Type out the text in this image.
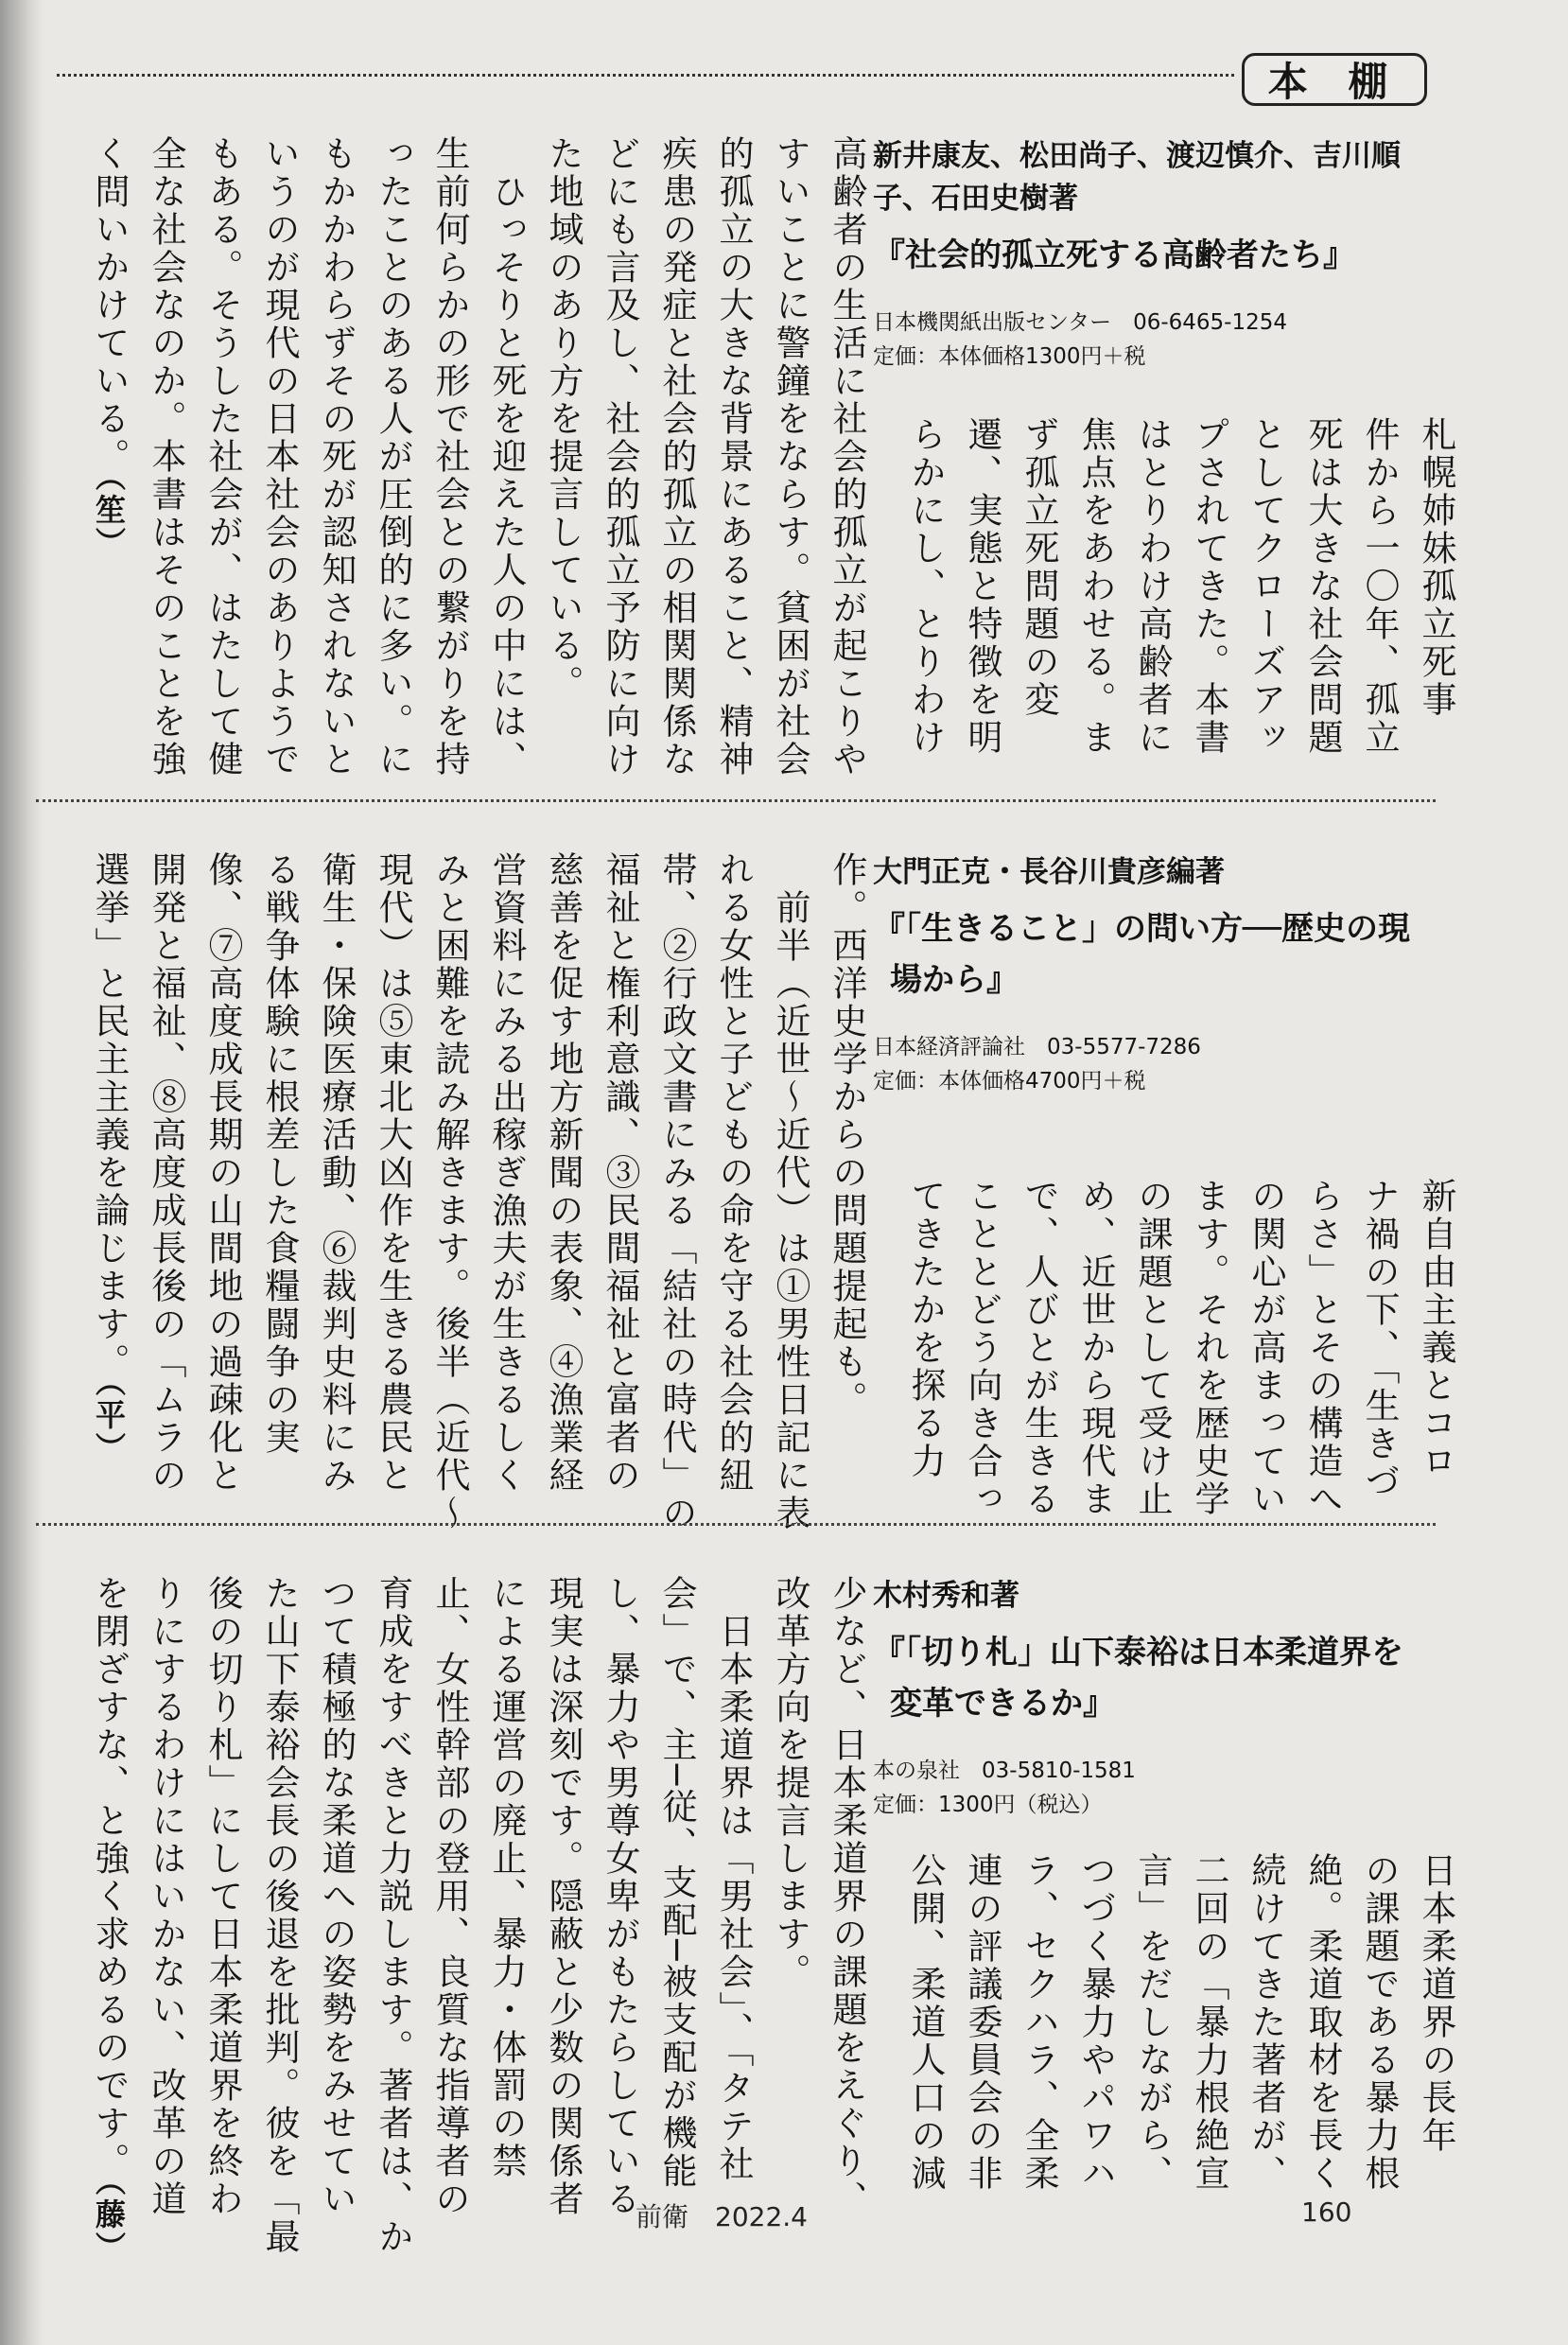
本 棚
新井康友、松田尚子、渡辺慎介、吉川順子、石田史樹著
『社会的孤立死する高齢者たち』
日本機関紙出版センター　06-6465-1254
定価：本体価格1300円＋税
札幌姉妹孤立死事
件から一〇年、孤立
死は大きな社会問題
としてクローズアッ
プされてきた。本書
はとりわけ高齢者に
焦点をあわせる。ま
ず孤立死問題の変
遷、実態と特徴を明
らかにし、とりわけ
高齢者の生活に社会的孤立が起こりや
すいことに警鐘をならす。貧困が社会
的孤立の大きな背景にあること、精神
疾患の発症と社会的孤立の相関関係な
どにも言及し、社会的孤立予防に向け
た地域のあり方を提言している。
　ひっそりと死を迎えた人の中には、
生前何らかの形で社会との繋がりを持
ったことのある人が圧倒的に多い。に
もかかわらずその死が認知されないと
いうのが現代の日本社会のありようで
もある。そうした社会が、はたして健
全な社会なのか。本書はそのことを強
く問いかけている。（笙）
大門正克・長谷川貴彦編著
『「生きること」の問い方──歴史の現場から』
日本経済評論社　03-5577-7286
定価：本体価格4700円＋税
新自由主義とコロ
ナ禍の下、「生きづ
らさ」とその構造へ
の関心が高まってい
ます。それを歴史学
の課題として受け止
め、近世から現代ま
で、人びとが生きる
こととどう向き合っ
てきたかを探る力
作。西洋史学からの問題提起も。
　前半（近世〜近代）は①男性日記に表
れる女性と子どもの命を守る社会的紐
帯、②行政文書にみる「結社の時代」の
福祉と権利意識、③民間福祉と富者の
慈善を促す地方新聞の表象、④漁業経
営資料にみる出稼ぎ漁夫が生きるしく
みと困難を読み解きます。後半（近代〜
現代）は⑤東北大凶作を生きる農民と
衛生・保険医療活動、⑥裁判史料にみ
る戦争体験に根差した食糧闘争の実
像、⑦高度成長期の山間地の過疎化と
開発と福祉、⑧高度成長後の「ムラの
選挙」と民主主義を論じます。（平）
木村秀和著
『「切り札」山下泰裕は日本柔道界を変革できるか』
本の泉社　03-5810-1581
定価：1300円（税込）
日本柔道界の長年
の課題である暴力根
絶。柔道取材を長く
続けてきた著者が、
二回の「暴力根絶宣
言」をだしながら、
つづく暴力やパワハ
ラ、セクハラ、全柔
連の評議委員会の非
公開、柔道人口の減
少など、日本柔道界の課題をえぐり、
改革方向を提言します。
　日本柔道界は「男社会」、「タテ社
会」で、主─従、支配─被支配が機能
し、暴力や男尊女卑がもたらしている
現実は深刻です。隠蔽と少数の関係者
による運営の廃止、暴力・体罰の禁
止、女性幹部の登用、良質な指導者の
育成をすべきと力説します。著者は、か
つて積極的な柔道への姿勢をみせてい
た山下泰裕会長の後退を批判。彼を「最
後の切り札」にして日本柔道界を終わ
りにするわけにはいかない、改革の道
を閉ざすな、と強く求めるのです。（藤）	前衛　2022.4	160
